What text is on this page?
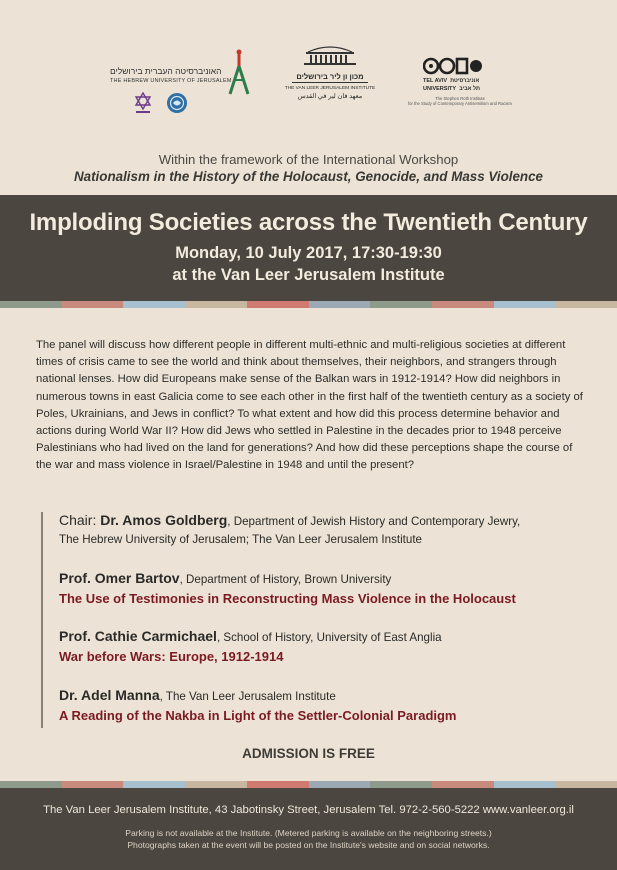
האוניברסיטה העברית בירושלים
THE HEBREW UNIVERSITY OF JERUSALEM	מכון ון ליר בירושלים
THE VAN LEER JERUSALEM INSTITUTE
معهد فان لير في القدس
TEL AVIV אוניברסיטת
UNIVERSITY תל אביב
The Stephen Roth Institute
for the Study of Contemporary Antisemitism and Racism
Within the framework of the International Workshop
Nationalism in the History of the Holocaust, Genocide, and Mass Violence
Imploding Societies across the Twentieth Century
Monday, 10 July 2017, 17:30-19:30
at the Van Leer Jerusalem Institute

The panel will discuss how different people in different multi-ethnic and multi-religious societies at different times of crisis came to see the world and think about themselves, their neighbors, and strangers through national lenses. How did Europeans make sense of the Balkan wars in 1912-1914? How did neighbors in numerous towns in east Galicia come to see each other in the first half of the twentieth century as a society of Poles, Ukrainians, and Jews in conflict? To what extent and how did this process determine behavior and actions during World War II? How did Jews who settled in Palestine in the decades prior to 1948 perceive Palestinians who had lived on the land for generations? And how did these perceptions shape the course of the war and mass violence in Israel/Palestine in 1948 and until the present?

Chair: Dr. Amos Goldberg, Department of Jewish History and Contemporary Jewry,
The Hebrew University of Jerusalem; The Van Leer Jerusalem Institute
Prof. Omer Bartov, Department of History, Brown University
The Use of Testimonies in Reconstructing Mass Violence in the Holocaust
Prof. Cathie Carmichael, School of History, University of East Anglia
War before Wars: Europe, 1912-1914
Dr. Adel Manna, The Van Leer Jerusalem Institute
A Reading of the Nakba in Light of the Settler-Colonial Paradigm
ADMISSION IS FREE
The Van Leer Jerusalem Institute, 43 Jabotinsky Street, Jerusalem Tel. 972-2-560-5222 www.vanleer.org.il
Parking is not available at the Institute. (Metered parking is available on the neighboring streets.)
Photographs taken at the event will be posted on the Institute's website and on social networks.
